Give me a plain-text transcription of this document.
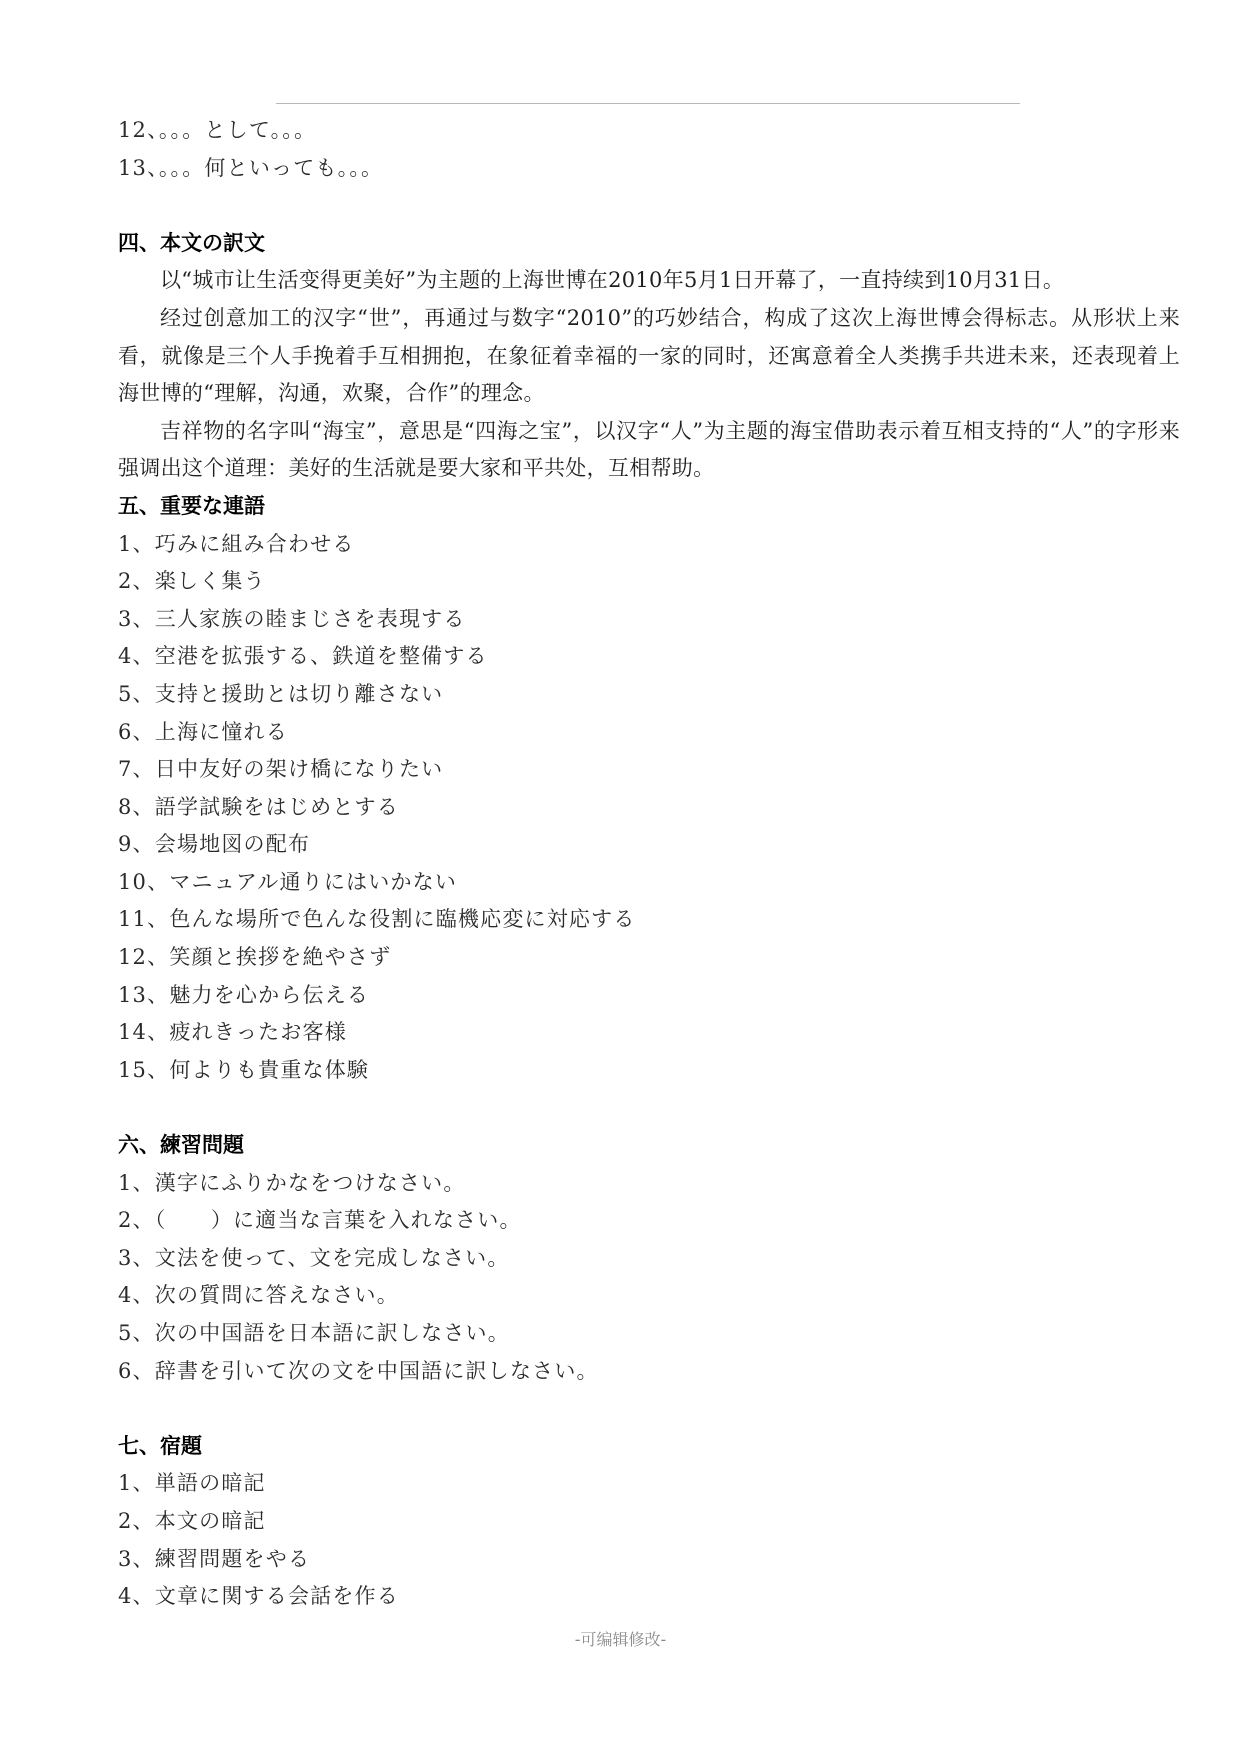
12、。。。として。。。
13、。。。何といっても。。。
四、本文の訳文
以“城市让生活变得更美好”为主题的上海世博在2010年5月1日开幕了，一直持续到10月31日。
经过创意加工的汉字“世”，再通过与数字“2010”的巧妙结合，构成了这次上海世博会得标志。从形状上来看，就像是三个人手挽着手互相拥抱，在象征着幸福的一家的同时，还寓意着全人类携手共进未来，还表现着上海世博的“理解，沟通，欢聚，合作”的理念。
吉祥物的名字叫“海宝”，意思是“四海之宝”，以汉字“人”为主题的海宝借助表示着互相支持的“人”的字形来强调出这个道理：美好的生活就是要大家和平共处，互相帮助。
五、重要な連語
1、巧みに組み合わせる
2、楽しく集う
3、三人家族の睦まじさを表現する
4、空港を拡張する、鉄道を整備する
5、支持と援助とは切り離さない
6、上海に憧れる
7、日中友好の架け橋になりたい
8、語学試験をはじめとする
9、会場地図の配布
10、マニュアル通りにはいかない
11、色んな場所で色んな役割に臨機応変に対応する
12、笑顔と挨拶を絶やさず
13、魅力を心から伝える
14、疲れきったお客様
15、何よりも貴重な体験
六、練習問題
1、漢字にふりかなをつけなさい。
2、（　　）に適当な言葉を入れなさい。
3、文法を使って、文を完成しなさい。
4、次の質問に答えなさい。
5、次の中国語を日本語に訳しなさい。
6、辞書を引いて次の文を中国語に訳しなさい。
七、宿題
1、単語の暗記
2、本文の暗記
3、練習問題をやる
4、文章に関する会話を作る
-可编辑修改-
